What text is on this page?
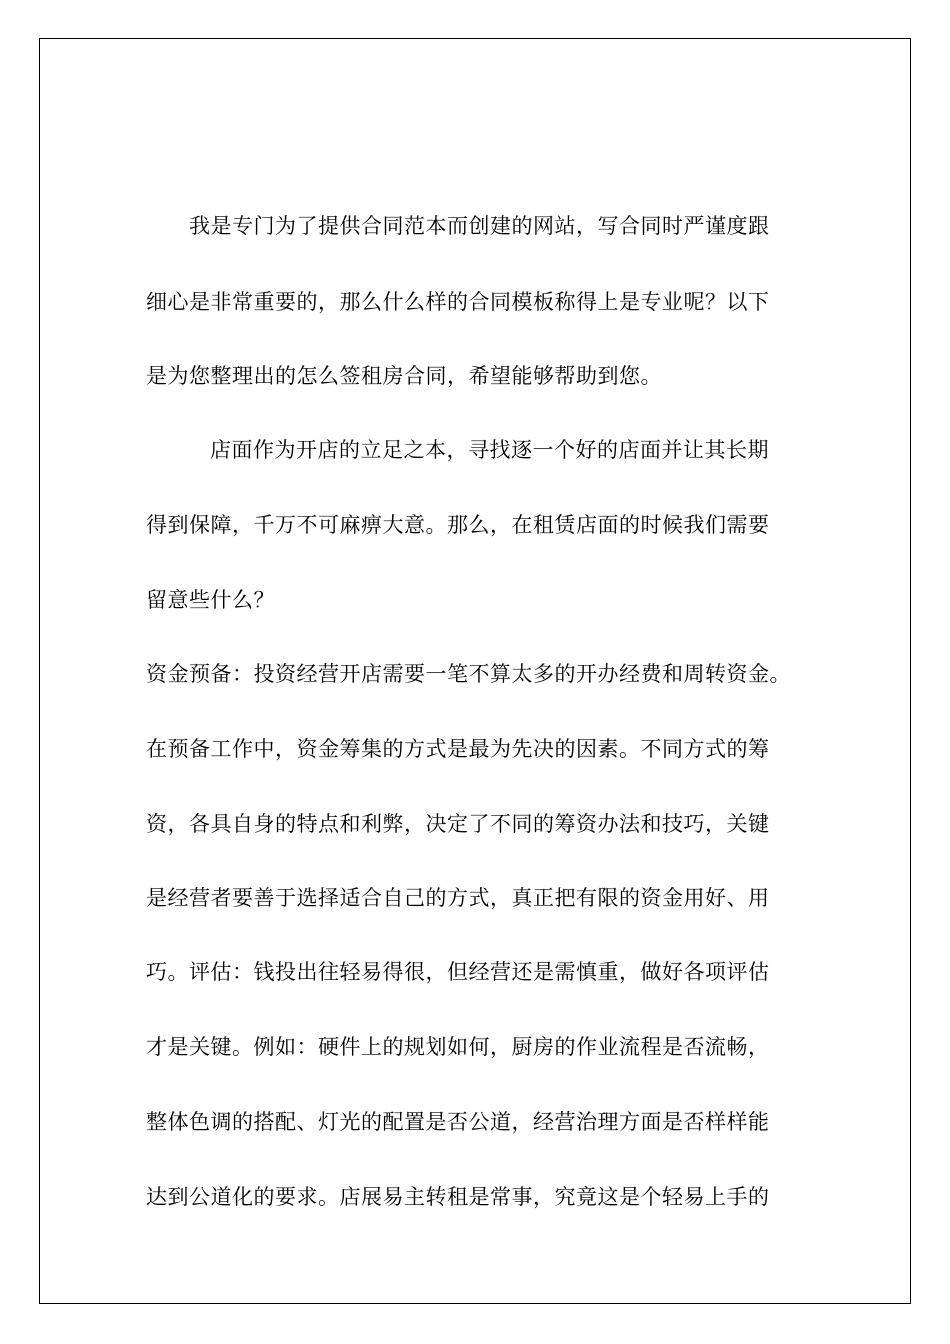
我是专门为了提供合同范本而创建的网站，写合同时严谨度跟
细心是非常重要的，那么什么样的合同模板称得上是专业呢？以下
是为您整理出的怎么签租房合同，希望能够帮助到您。
店面作为开店的立足之本，寻找逐一个好的店面并让其长期
得到保障，千万不可麻痹大意。那么，在租赁店面的时候我们需要
留意些什么？
资金预备：投资经营开店需要一笔不算太多的开办经费和周转资金。
在预备工作中，资金筹集的方式是最为先决的因素。不同方式的筹
资，各具自身的特点和利弊，决定了不同的筹资办法和技巧，关键
是经营者要善于选择适合自己的方式，真正把有限的资金用好、用
巧。评估：钱投出往轻易得很，但经营还是需慎重，做好各项评估
才是关键。例如：硬件上的规划如何，厨房的作业流程是否流畅，
整体色调的搭配、灯光的配置是否公道，经营治理方面是否样样能
达到公道化的要求。店展易主转租是常事，究竟这是个轻易上手的
